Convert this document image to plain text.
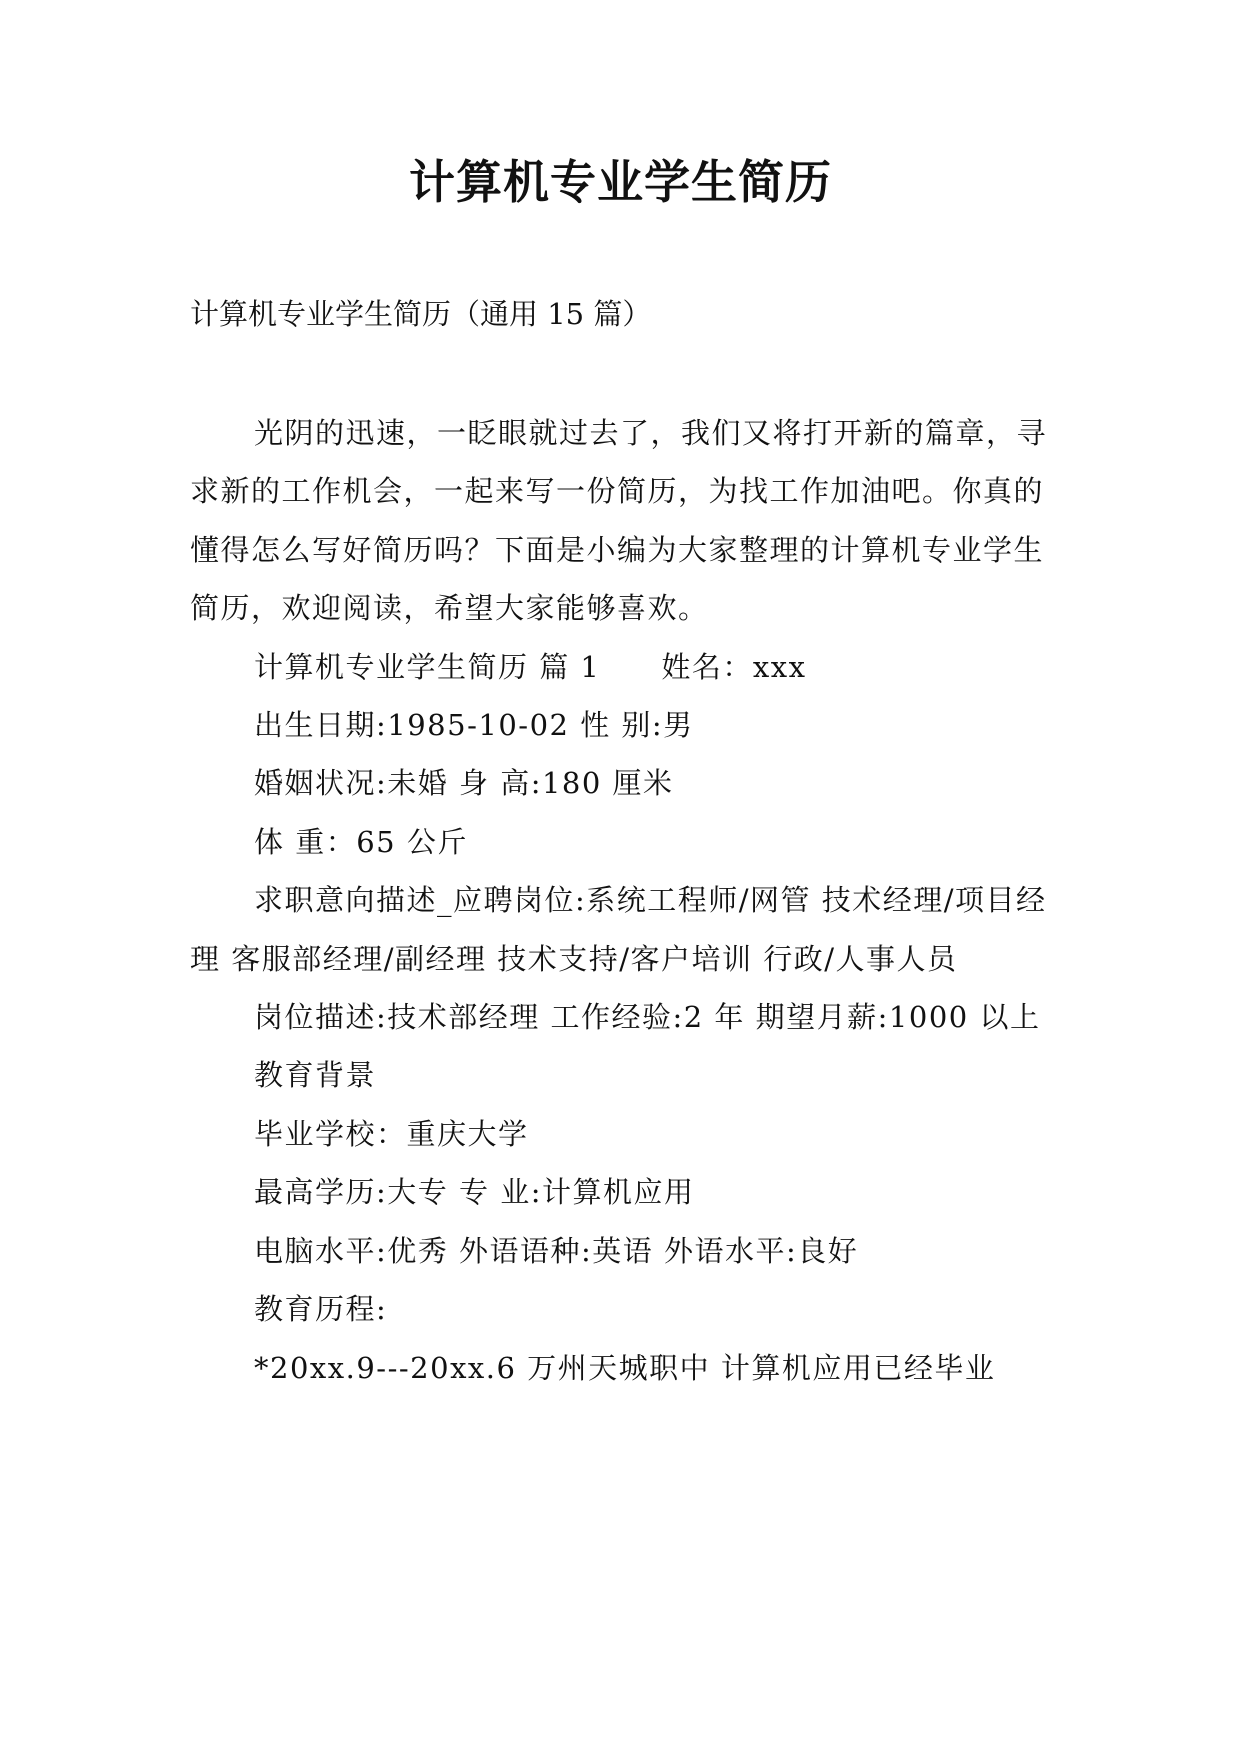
计算机专业学生简历
计算机专业学生简历（通用 15 篇）

光阴的迅速，一眨眼就过去了，我们又将打开新的篇章，寻求新的工作机会，一起来写一份简历，为找工作加油吧。你真的懂得怎么写好简历吗？下面是小编为大家整理的计算机专业学生简历，欢迎阅读，希望大家能够喜欢。

计算机专业学生简历 篇 1　　姓名：xxx

出生日期:1985-10-02 性 别:男

婚姻状况:未婚 身 高:180 厘米

体 重：65 公斤

求职意向描述_应聘岗位:系统工程师/网管 技术经理/项目经理 客服部经理/副经理 技术支持/客户培训 行政/人事人员

岗位描述:技术部经理 工作经验:2 年 期望月薪:1000 以上

教育背景

毕业学校：重庆大学

最高学历:大专 专 业:计算机应用

电脑水平:优秀 外语语种:英语 外语水平:良好

教育历程:

*20xx.9---20xx.6 万州天城职中 计算机应用已经毕业
